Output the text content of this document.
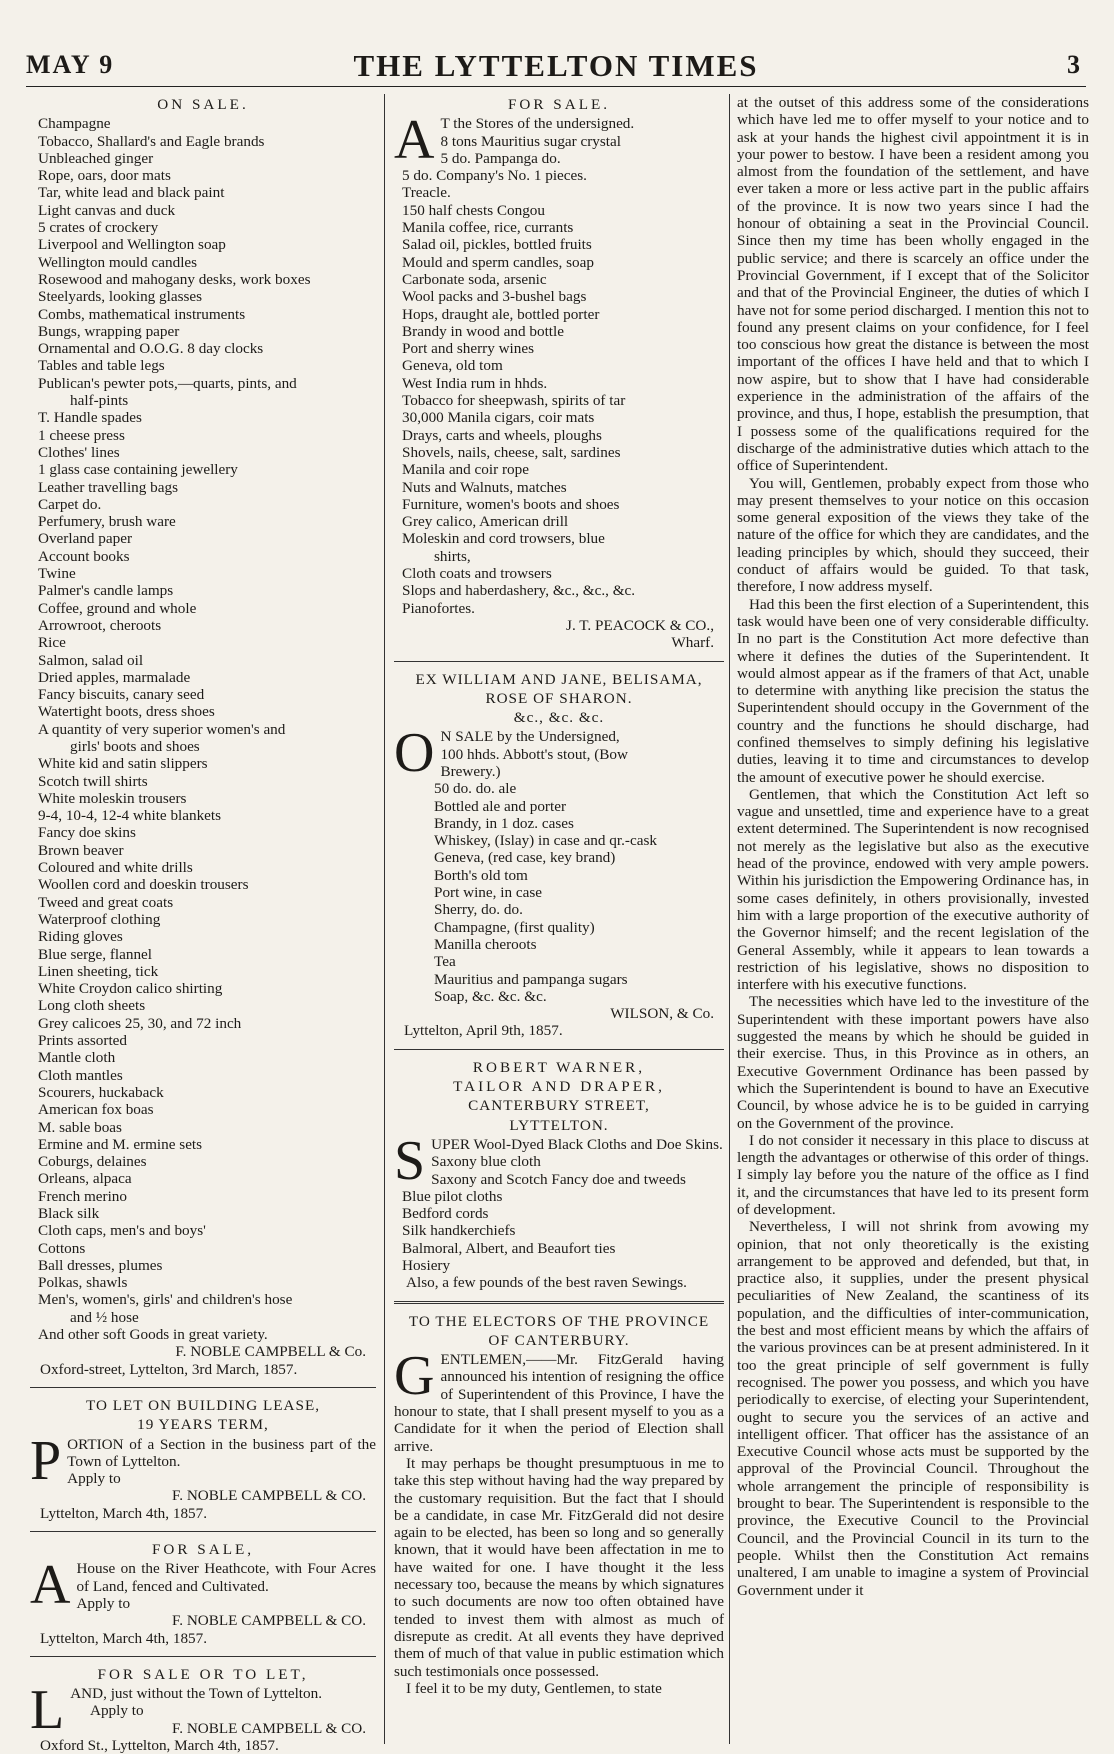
MAY 9	THE LYTTELTON TIMES	3
ON SALE.

Champagne

Tobacco, Shallard's and Eagle brands

Unbleached ginger

Rope, oars, door mats

Tar, white lead and black paint

Light canvas and duck

5 crates of crockery

Liverpool and Wellington soap

Wellington mould candles

Rosewood and mahogany desks, work boxes

Steelyards, looking glasses

Combs, mathematical instruments

Bungs, wrapping paper

Ornamental and O.O.G. 8 day clocks

Tables and table legs

Publican's pewter pots,—quarts, pints, and

half-pints

T. Handle spades

1 cheese press

Clothes' lines

1 glass case containing jewellery

Leather travelling bags

Carpet do.

Perfumery, brush ware

Overland paper

Account books

Twine

Palmer's candle lamps

Coffee, ground and whole

Arrowroot, cheroots

Rice

Salmon, salad oil

Dried apples, marmalade

Fancy biscuits, canary seed

Watertight boots, dress shoes

A quantity of very superior women's and

girls' boots and shoes

White kid and satin slippers

Scotch twill shirts

White moleskin trousers

9-4, 10-4, 12-4 white blankets

Fancy doe skins

Brown beaver

Coloured and white drills

Woollen cord and doeskin trousers

Tweed and great coats

Waterproof clothing

Riding gloves

Blue serge, flannel

Linen sheeting, tick

White Croydon calico shirting

Long cloth sheets

Grey calicoes 25, 30, and 72 inch

Prints assorted

Mantle cloth

Cloth mantles

Scourers, huckaback

American fox boas

M. sable boas

Ermine and M. ermine sets

Coburgs, delaines

Orleans, alpaca

French merino

Black silk

Cloth caps, men's and boys'

Cottons

Ball dresses, plumes

Polkas, shawls

Men's, women's, girls' and children's hose

and ½ hose

And other soft Goods in great variety.

F. NOBLE CAMPBELL & Co.

Oxford-street, Lyttelton, 3rd March, 1857.

TO LET ON BUILDING LEASE,
19 YEARS TERM,

PORTION of a Section in the business part of the Town of Lyttelton.

Apply to

F. NOBLE CAMPBELL & CO.

Lyttelton, March 4th, 1857.

FOR SALE,

A House on the River Heathcote, with Four Acres of Land, fenced and Cultivated.

Apply to

F. NOBLE CAMPBELL & CO.

Lyttelton, March 4th, 1857.

FOR SALE OR TO LET,

LAND, just without the Town of Lyttelton.

Apply to

F. NOBLE CAMPBELL & CO.

Oxford St., Lyttelton, March 4th, 1857.

FOR SALE.

A T the Stores of the undersigned.

8 tons Mauritius sugar crystal

5 do. Pampanga do.

5 do. Company's No. 1 pieces.

Treacle.

150 half chests Congou

Manila coffee, rice, currants

Salad oil, pickles, bottled fruits

Mould and sperm candles, soap

Carbonate soda, arsenic

Wool packs and 3-bushel bags

Hops, draught ale, bottled porter

Brandy in wood and bottle

Port and sherry wines

Geneva, old tom

West India rum in hhds.

Tobacco for sheepwash, spirits of tar

30,000 Manila cigars, coir mats

Drays, carts and wheels, ploughs

Shovels, nails, cheese, salt, sardines

Manila and coir rope

Nuts and Walnuts, matches

Furniture, women's boots and shoes

Grey calico, American drill

Moleskin and cord trowsers, blue

shirts,

Cloth coats and trowsers

Slops and haberdashery, &c., &c., &c.

Pianofortes.

J. T. PEACOCK & CO.,

Wharf.

EX WILLIAM AND JANE, BELISAMA,
ROSE OF SHARON.
&c., &c. &c.

O N SALE by the Undersigned,

100 hhds. Abbott's stout, (Bow

Brewery.)

50 do. do. ale

Bottled ale and porter

Brandy, in 1 doz. cases

Whiskey, (Islay) in case and qr.-cask

Geneva, (red case, key brand)

Borth's old tom

Port wine, in case

Sherry, do. do.

Champagne, (first quality)

Manilla cheroots

Tea

Mauritius and pampanga sugars

Soap, &c. &c. &c.

WILSON, & Co.

Lyttelton, April 9th, 1857.

ROBERT WARNER,
TAILOR AND DRAPER,
CANTERBURY STREET,
LYTTELTON.

SUPER Wool-Dyed Black Cloths and Doe Skins.

Saxony blue cloth

Saxony and Scotch Fancy doe and tweeds

Blue pilot cloths

Bedford cords

Silk handkerchiefs

Balmoral, Albert, and Beaufort ties

Hosiery

Also, a few pounds of the best raven Sewings.

TO THE ELECTORS OF THE PROVINCE
OF CANTERBURY.

GENTLEMEN,——Mr. FitzGerald having announced his intention of resigning the office of Superintendent of this Province, I have the honour to state, that I shall present myself to you as a Candidate for it when the period of Election shall arrive.

It may perhaps be thought presumptuous in me to take this step without having had the way prepared by the customary requisition. But the fact that I should be a candidate, in case Mr. FitzGerald did not desire again to be elected, has been so long and so generally known, that it would have been affectation in me to have waited for one. I have thought it the less necessary too, because the means by which signatures to such documents are now too often obtained have tended to invest them with almost as much of disrepute as credit. At all events they have deprived them of much of that value in public estimation which such testimonials once possessed.

I feel it to be my duty, Gentlemen, to state

at the outset of this address some of the considerations which have led me to offer myself to your notice and to ask at your hands the highest civil appointment it is in your power to bestow. I have been a resident among you almost from the foundation of the settlement, and have ever taken a more or less active part in the public affairs of the province. It is now two years since I had the honour of obtaining a seat in the Provincial Council. Since then my time has been wholly engaged in the public service; and there is scarcely an office under the Provincial Government, if I except that of the Solicitor and that of the Provincial Engineer, the duties of which I have not for some period discharged. I mention this not to found any present claims on your confidence, for I feel too conscious how great the distance is between the most important of the offices I have held and that to which I now aspire, but to show that I have had considerable experience in the administration of the affairs of the province, and thus, I hope, establish the presumption, that I possess some of the qualifications required for the discharge of the administrative duties which attach to the office of Superintendent.

You will, Gentlemen, probably expect from those who may present themselves to your notice on this occasion some general exposition of the views they take of the nature of the office for which they are candidates, and the leading principles by which, should they succeed, their conduct of affairs would be guided. To that task, therefore, I now address myself.

Had this been the first election of a Superintendent, this task would have been one of very considerable difficulty. In no part is the Constitution Act more defective than where it defines the duties of the Superintendent. It would almost appear as if the framers of that Act, unable to determine with anything like precision the status the Superintendent should occupy in the Government of the country and the functions he should discharge, had confined themselves to simply defining his legislative duties, leaving it to time and circumstances to develop the amount of executive power he should exercise.

Gentlemen, that which the Constitution Act left so vague and unsettled, time and experience have to a great extent determined. The Superintendent is now recognised not merely as the legislative but also as the executive head of the province, endowed with very ample powers. Within his jurisdiction the Empowering Ordinance has, in some cases definitely, in others provisionally, invested him with a large proportion of the executive authority of the Governor himself; and the recent legislation of the General Assembly, while it appears to lean towards a restriction of his legislative, shows no disposition to interfere with his executive functions.

The necessities which have led to the investiture of the Superintendent with these important powers have also suggested the means by which he should be guided in their exercise. Thus, in this Province as in others, an Executive Government Ordinance has been passed by which the Superintendent is bound to have an Executive Council, by whose advice he is to be guided in carrying on the Government of the province.

I do not consider it necessary in this place to discuss at length the advantages or otherwise of this order of things. I simply lay before you the nature of the office as I find it, and the circumstances that have led to its present form of development.

Nevertheless, I will not shrink from avowing my opinion, that not only theoretically is the existing arrangement to be approved and defended, but that, in practice also, it supplies, under the present physical peculiarities of New Zealand, the scantiness of its population, and the difficulties of inter-communication, the best and most efficient means by which the affairs of the various provinces can be at present administered. In it too the great principle of self government is fully recognised. The power you possess, and which you have periodically to exercise, of electing your Superintendent, ought to secure you the services of an active and intelligent officer. That officer has the assistance of an Executive Council whose acts must be supported by the approval of the Provincial Council. Throughout the whole arrangement the principle of responsibility is brought to bear. The Superintendent is responsible to the province, the Executive Council to the Provincial Council, and the Provincial Council in its turn to the people. Whilst then the Constitution Act remains unaltered, I am unable to imagine a system of Provincial Government under it
